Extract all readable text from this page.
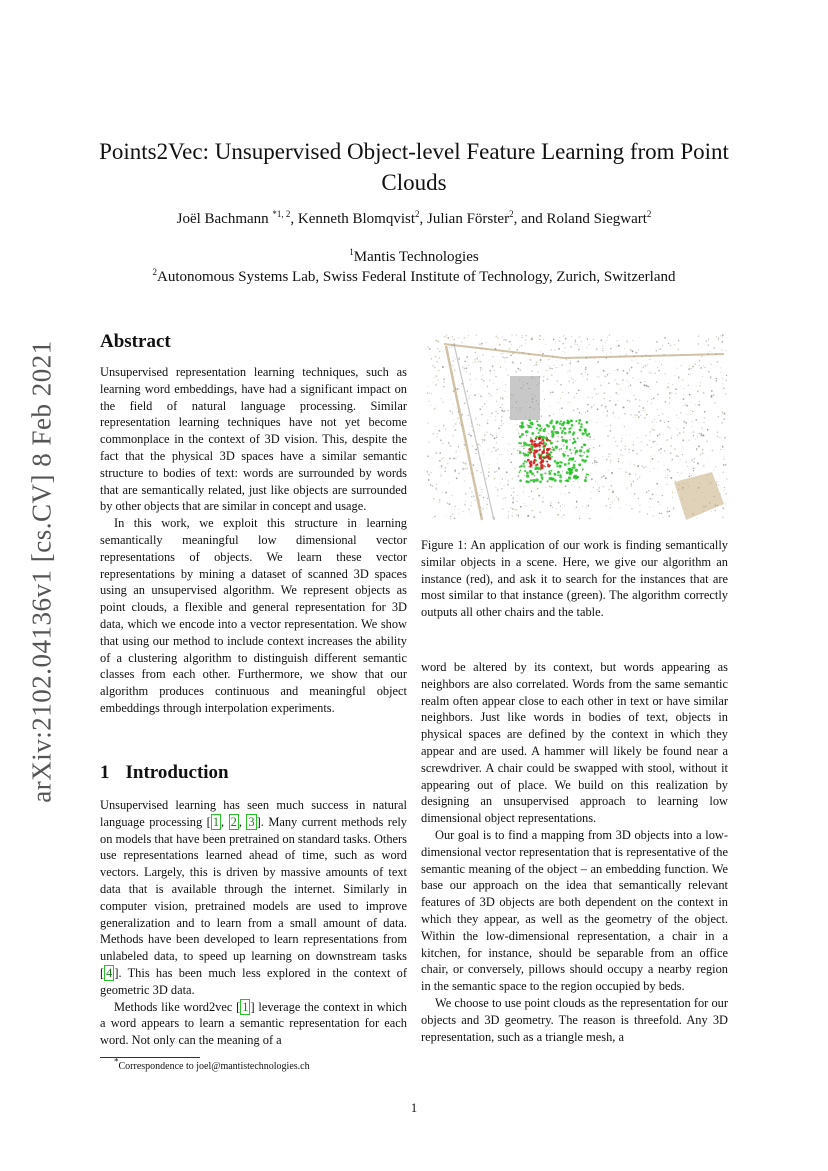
arXiv:2102.04136v1 [cs.CV] 8 Feb 2021
Points2Vec: Unsupervised Object-level Feature Learning from Point Clouds
Joël Bachmann $^{*1, 2}$, Kenneth Blomqvist$^2$, Julian Förster$^2$, and Roland Siegwart$^2$
$^1$Mantis Technologies
$^2$Autonomous Systems Lab, Swiss Federal Institute of Technology, Zurich, Switzerland
Abstract

Unsupervised representation learning techniques, such as learning word embeddings, have had a significant impact on the field of natural language processing. Similar representation learning techniques have not yet become commonplace in the context of 3D vision. This, despite the fact that the physical 3D spaces have a similar semantic structure to bodies of text: words are surrounded by words that are semantically related, just like objects are surrounded by other objects that are similar in concept and usage.

In this work, we exploit this structure in learning semantically meaningful low dimensional vector representations of objects. We learn these vector representations by mining a dataset of scanned 3D spaces using an unsupervised algorithm. We represent objects as point clouds, a flexible and general representation for 3D data, which we encode into a vector representation. We show that using our method to include context increases the ability of a clustering algorithm to distinguish different semantic classes from each other. Furthermore, we show that our algorithm produces continuous and meaningful object embeddings through interpolation experiments.

1 Introduction

Unsupervised learning has seen much success in natural language processing [ 1 , 2 , 3 ]. Many current methods rely on models that have been pretrained on standard tasks. Others use representations learned ahead of time, such as word vectors. Largely, this is driven by massive amounts of text data that is available through the internet. Similarly in computer vision, pretrained models are used to improve generalization and to learn from a small amount of data. Methods have been developed to learn representations from unlabeled data, to speed up learning on downstream tasks [ 4 ]. This has been much less explored in the context of geometric 3D data.

Methods like word2vec [ 1 ] leverage the context in which a word appears to learn a semantic representation for each word. Not only can the meaning of a

*Correspondence to joel@mantistechnologies.ch
Figure 1: An application of our work is finding semantically similar objects in a scene. Here, we give our algorithm an instance (red), and ask it to search for the instances that are most similar to that instance (green). The algorithm correctly outputs all other chairs and the table.

word be altered by its context, but words appearing as neighbors are also correlated. Words from the same semantic realm often appear close to each other in text or have similar neighbors. Just like words in bodies of text, objects in physical spaces are defined by the context in which they appear and are used. A hammer will likely be found near a screwdriver. A chair could be swapped with stool, without it appearing out of place. We build on this realization by designing an unsupervised approach to learning low dimensional object representations.

Our goal is to find a mapping from 3D objects into a low-dimensional vector representation that is representative of the semantic meaning of the object – an embedding function. We base our approach on the idea that semantically relevant features of 3D objects are both dependent on the context in which they appear, as well as the geometry of the object. Within the low-dimensional representation, a chair in a kitchen, for instance, should be separable from an office chair, or conversely, pillows should occupy a nearby region in the semantic space to the region occupied by beds.

We choose to use point clouds as the representation for our objects and 3D geometry. The reason is threefold. Any 3D representation, such as a triangle mesh, a

1
